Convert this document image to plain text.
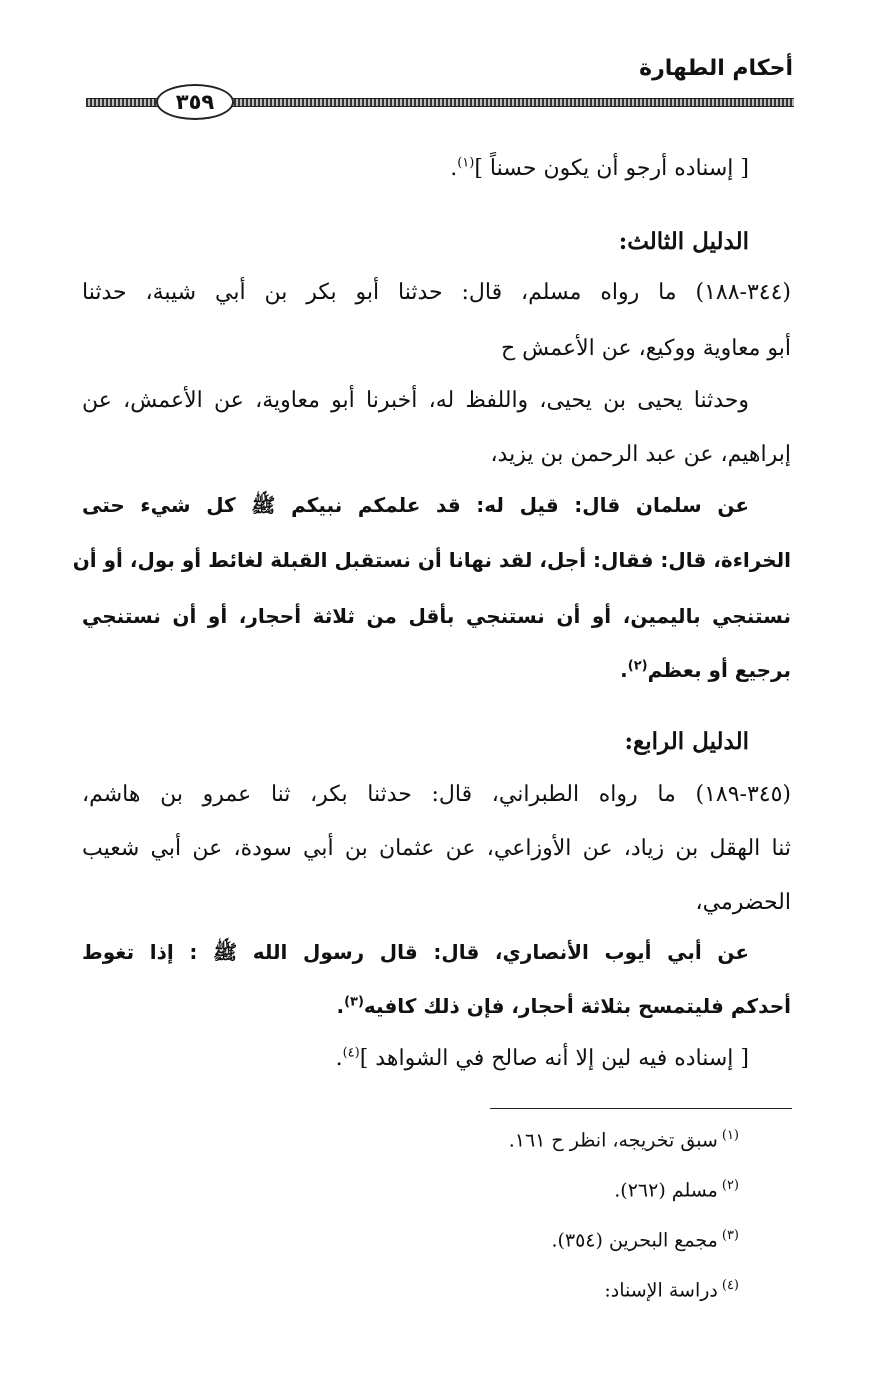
أحكام الطهارة
٣٥٩
[ إسناده أرجو أن يكون حسناً ]$^{(١)}$.
الدليل الثالث:
(٣٤٤-١٨٨) ما رواه مسلم، قال: حدثنا أبو بكر بن أبي شيبة، حدثنا
أبو معاوية ووكيع، عن الأعمش ح
وحدثنا يحيى بن يحيى، واللفظ له، أخبرنا أبو معاوية، عن الأعمش، عن
إبراهيم، عن عبد الرحمن بن يزيد،
عن سلمان قال: قيل له: قد علمكم نبيكم ﷺ كل شيء حتى
الخراءة، قال: فقال: أجل، لقد نهانا أن نستقبل القبلة لغائط أو بول، أو أن
نستنجي باليمين، أو أن نستنجي بأقل من ثلاثة أحجار، أو أن نستنجي
برجيع أو بعظم$^{(٢)}$.
الدليل الرابع:
(٣٤٥-١٨٩) ما رواه الطبراني، قال: حدثنا بكر، ثنا عمرو بن هاشم،
ثنا الهقل بن زياد، عن الأوزاعي، عن عثمان بن أبي سودة، عن أبي شعيب
الحضرمي،
عن أبي أيوب الأنصاري، قال: قال رسول الله ﷺ : إذا تغوط
أحدكم فليتمسح بثلاثة أحجار، فإن ذلك كافيه$^{(٣)}$.
[ إسناده فيه لين إلا أنه صالح في الشواهد ]$^{(٤)}$.
$^{(١)}$سبق تخريجه، انظر ح ١٦١.
$^{(٢)}$مسلم (٢٦٢).
$^{(٣)}$مجمع البحرين (٣٥٤).
$^{(٤)}$دراسة الإسناد:
